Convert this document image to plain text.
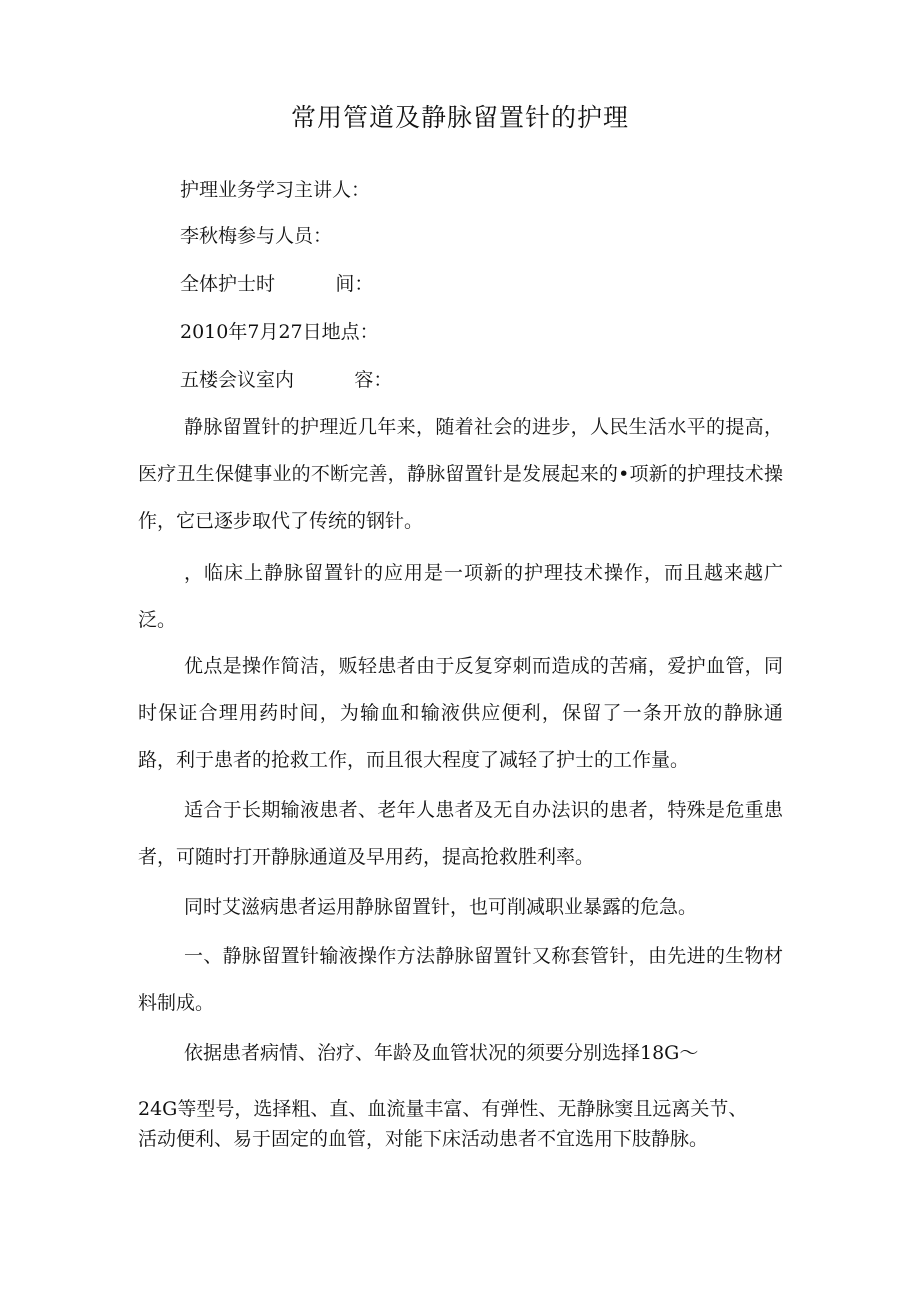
常用管道及静脉留置针的护理
护理业务学习主讲人：
李秋梅参与人员：
全体护士时          间：
2010年7月27日地点：
五楼会议室内          容：
静脉留置针的护理近几年来，随着社会的进步，人民生活水平的提高，医疗丑生保健事业的不断完善，静脉留置针是发展起来的•项新的护理技术操作，它已逐步取代了传统的钢针。
，临床上静脉留置针的应用是一项新的护理技术操作，而且越来越广泛。
优点是操作简洁，贩轻患者由于反复穿刺而造成的苦痛，爱护血管，同时保证合理用药时间，为输血和输液供应便利，保留了一条开放的静脉通路，利于患者的抢救工作，而且很大程度了减轻了护士的工作量。
适合于长期输液患者、老年人患者及无自办法识的患者，特殊是危重患者，可随时打开静脉通道及早用药，提高抢救胜利率。
同时艾滋病患者运用静脉留置针，也可削减职业暴露的危急。
一、静脉留置针输液操作方法静脉留置针又称套管针，由先进的生物材料制成。
依据患者病情、治疗、年龄及血管状况的须要分别选择18G～
24G等型号，选择粗、直、血流量丰富、有弹性、无静脉窦且远离关节、
活动便利、易于固定的血管，对能下床活动患者不宜选用下肢静脉。
